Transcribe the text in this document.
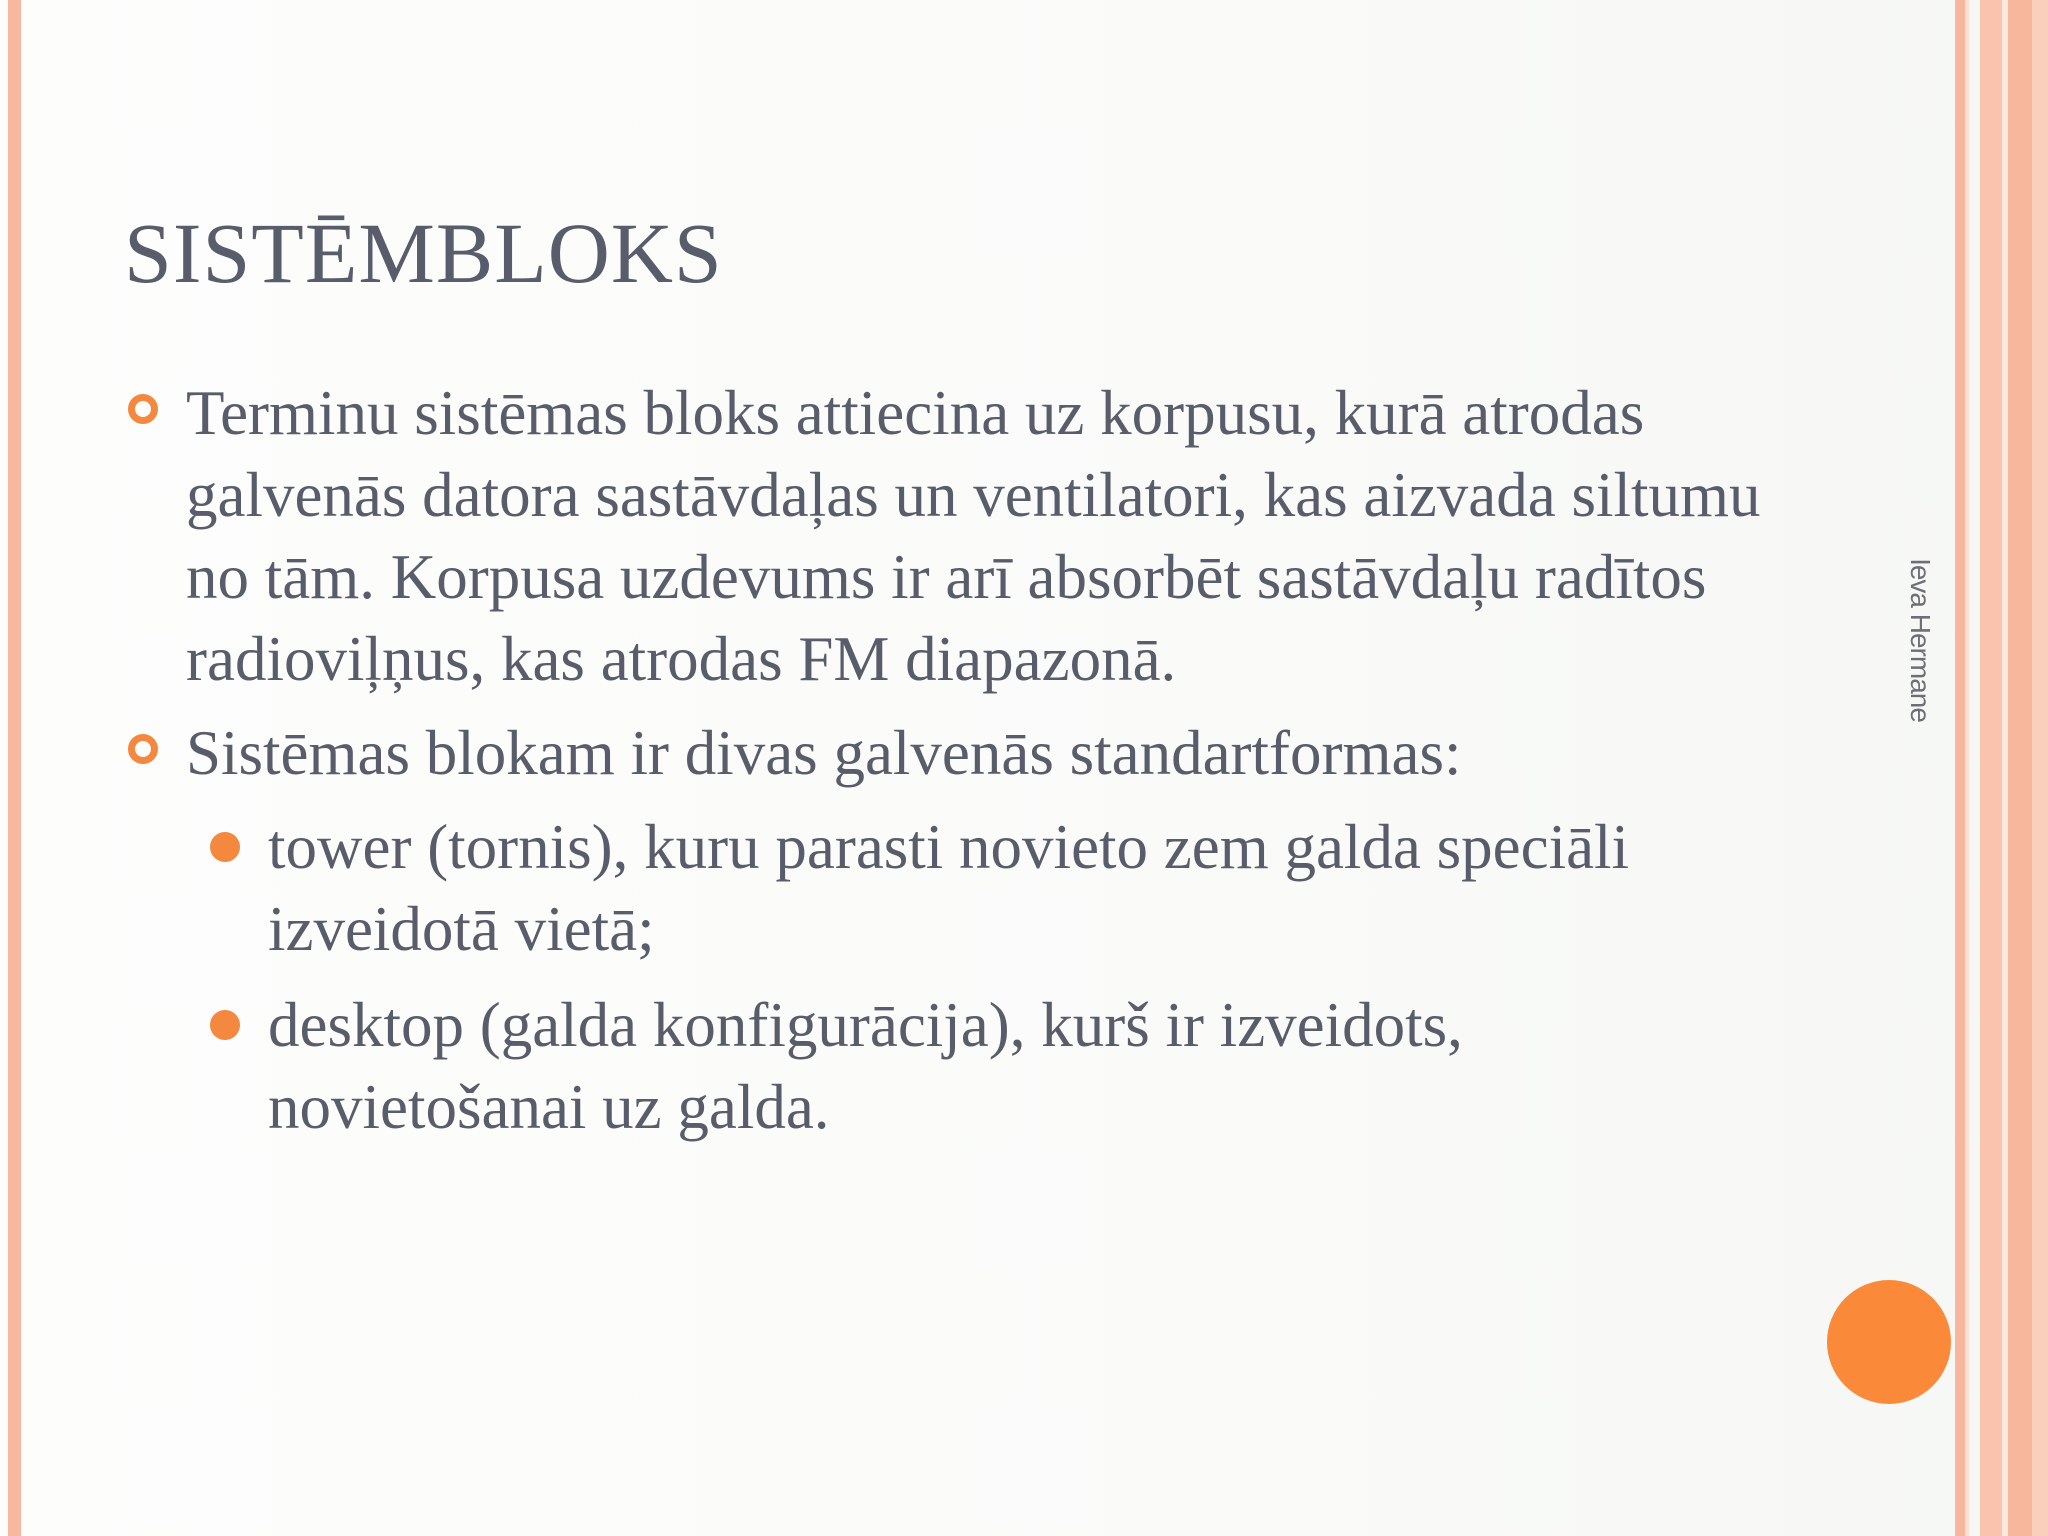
SISTĒMBLOKS
Terminu sistēmas bloks attiecina uz korpusu, kurā atrodas galvenās datora sastāvdaļas un ventilatori, kas aizvada siltumu no tām. Korpusa uzdevums ir arī absorbēt sastāvdaļu radītos radioviļņus, kas atrodas FM diapazonā.
Sistēmas blokam ir divas galvenās standartformas:
tower (tornis), kuru parasti novieto zem galda speciāli izveidotā vietā;
desktop (galda konfigurācija), kurš ir izveidots, novietošanai uz galda.
Ieva Hermane
